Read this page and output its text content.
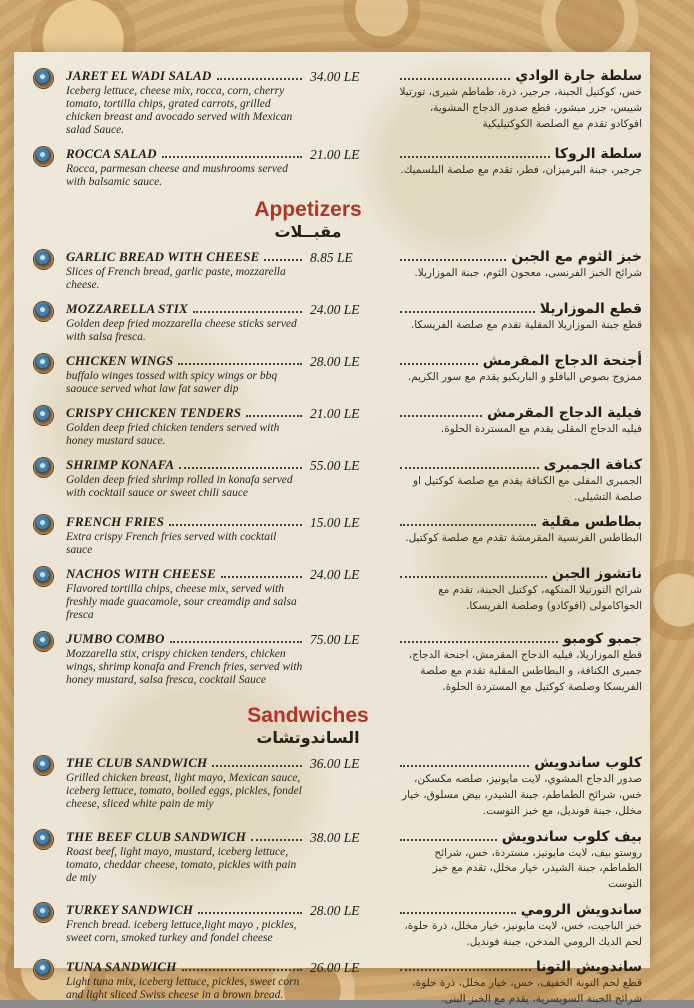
JARET EL WADI SALAD
Iceberg lettuce, cheese mix, rocca, corn, cherry tomato, tortilla chips, grated carrots, grilled chicken breast and avocado served with Mexican salad Sauce.
34.00 LE	سلطة جارة الوادي
خس، كوكتيل الجبنة، جرجير، ذرة، طماطم شيرى، تورتيلا شيبس، جزر مبشور، قطع صدور الدجاج المشوية، افوكادو تقدم مع الصلصة الكوكتيليكية
ROCCA SALAD
Rocca, parmesan cheese and mushrooms served with balsamic sauce.
21.00 LE	سلطة الروكا
جرجير، جبنة البرميزان، فطر، تقدم مع صلصة البلسميك.
Appetizers
مقبــلات
GARLIC BREAD WITH CHEESE
Slices of French bread, garlic paste, mozzarella cheese.
8.85 LE	خبز الثوم مع الجبن
شرائح الخبز الفرنسى، معجون الثوم، جبنة الموزاريلا.
MOZZARELLA STIX
Golden deep fried mozzarella cheese sticks served with salsa fresca.
24.00 LE	قطع الموزاريلا
قطع جبنة الموزاريلا المقلية تقدم مع صلصة الفريسكا.
CHICKEN WINGS
buffalo winges tossed with spicy wings or bbq saouce served what law fat sawer dip
28.00 LE	أجنحة الدجاج المقرمش
ممزوج بصوص البافلو و الباربكيو يقدم مع سور الكريم.
CRISPY CHICKEN TENDERS
Golden deep fried chicken tenders served with honey mustard sauce.
21.00 LE	فيلية الدجاج المقرمش
فيليه الدجاج المقلى يقدم مع المستردة الحلوة.
SHRIMP KONAFA
Golden deep fried shrimp rolled in konafa served with cocktail sauce or sweet chili sauce
55.00 LE	كنافة الجمبرى
الجمبرى المقلى مع الكنافة يقدم مع صلصة كوكتيل او صلصة التشيلى.
FRENCH FRIES
Extra crispy French fries served with cocktail sauce
15.00 LE	بطاطس مقلية
البطاطس الفرنسية المقرمشة تقدم مع صلصة كوكتيل.
NACHOS WITH CHEESE
Flavored tortilla chips, cheese mix, served with freshly made guacamole, sour creamdip and salsa fresca
24.00 LE	ناتشوز الجبن
شرائح التورتيلا المنكهه، كوكتيل الجبنة، تقدم مع الجواكامولى (افوكادو) وصلصة الفريسكا.
JUMBO COMBO
Mozzarella stix, crispy chicken tenders, chicken wings, shrimp konafa and French fries, served with honey mustard, salsa fresca, cocktail Sauce
75.00 LE	جمبو كومبو
قطع الموزاريلا، فيليه الدجاج المقرمش، اجنحة الدجاج، جمبرى الكنافة، و البطاطس المقلية تقدم مع صلصة الفريسكا وصلصة كوكتيل مع المستردة الحلوة.
Sandwiches
الساندوتشات
THE CLUB SANDWICH
Grilled chicken breast, light mayo, Mexican sauce, iceberg lettuce, tomato, boiled eggs, pickles, fondel cheese, sliced white pain de miy
36.00 LE	كلوب ساندويش
صدور الدجاج المشوي، لايت مايونيز، صلصه مكسكن، خس، شرائح الطماطم، جبنة الشيدر، بيض مسلوق، خيار مخلل، جبنة فونديل، مع خبز التوست.
THE BEEF CLUB SANDWICH
Roast beef, light mayo, mustard, iceberg lettuce, tomato, cheddar cheese, tomato, pickles with pain de miy
38.00 LE	بيف كلوب ساندويش
روستو بيف، لايت مايونيز، مستردة، خس، شرائح الطماطم، جبنة الشيدر، خيار مخلل، تقدم مع خبز التوست
TURKEY SANDWICH
French bread. iceberg lettuce,light mayo , pickles, sweet corn, smoked turkey and fondel cheese
28.00 LE	ساندويش الرومي
خبز الباجيت، خس، لايت مايونيز، خيار مخلل، ذرة حلوة، لحم الديك الرومي المدخن، جبنة فونديل.
TUNA SANDWICH
Light tuna mix, iceberg lettuce, pickles, sweet corn and light sliced Swiss cheese in a brown bread.
26.00 LE	ساندويش التونا
قطع لحم التونة الخفيف، خس، خيار مخلل، ذرة حلوة، شرائح الجبنة السويسرية، يقدم مع الخبز البنى.
